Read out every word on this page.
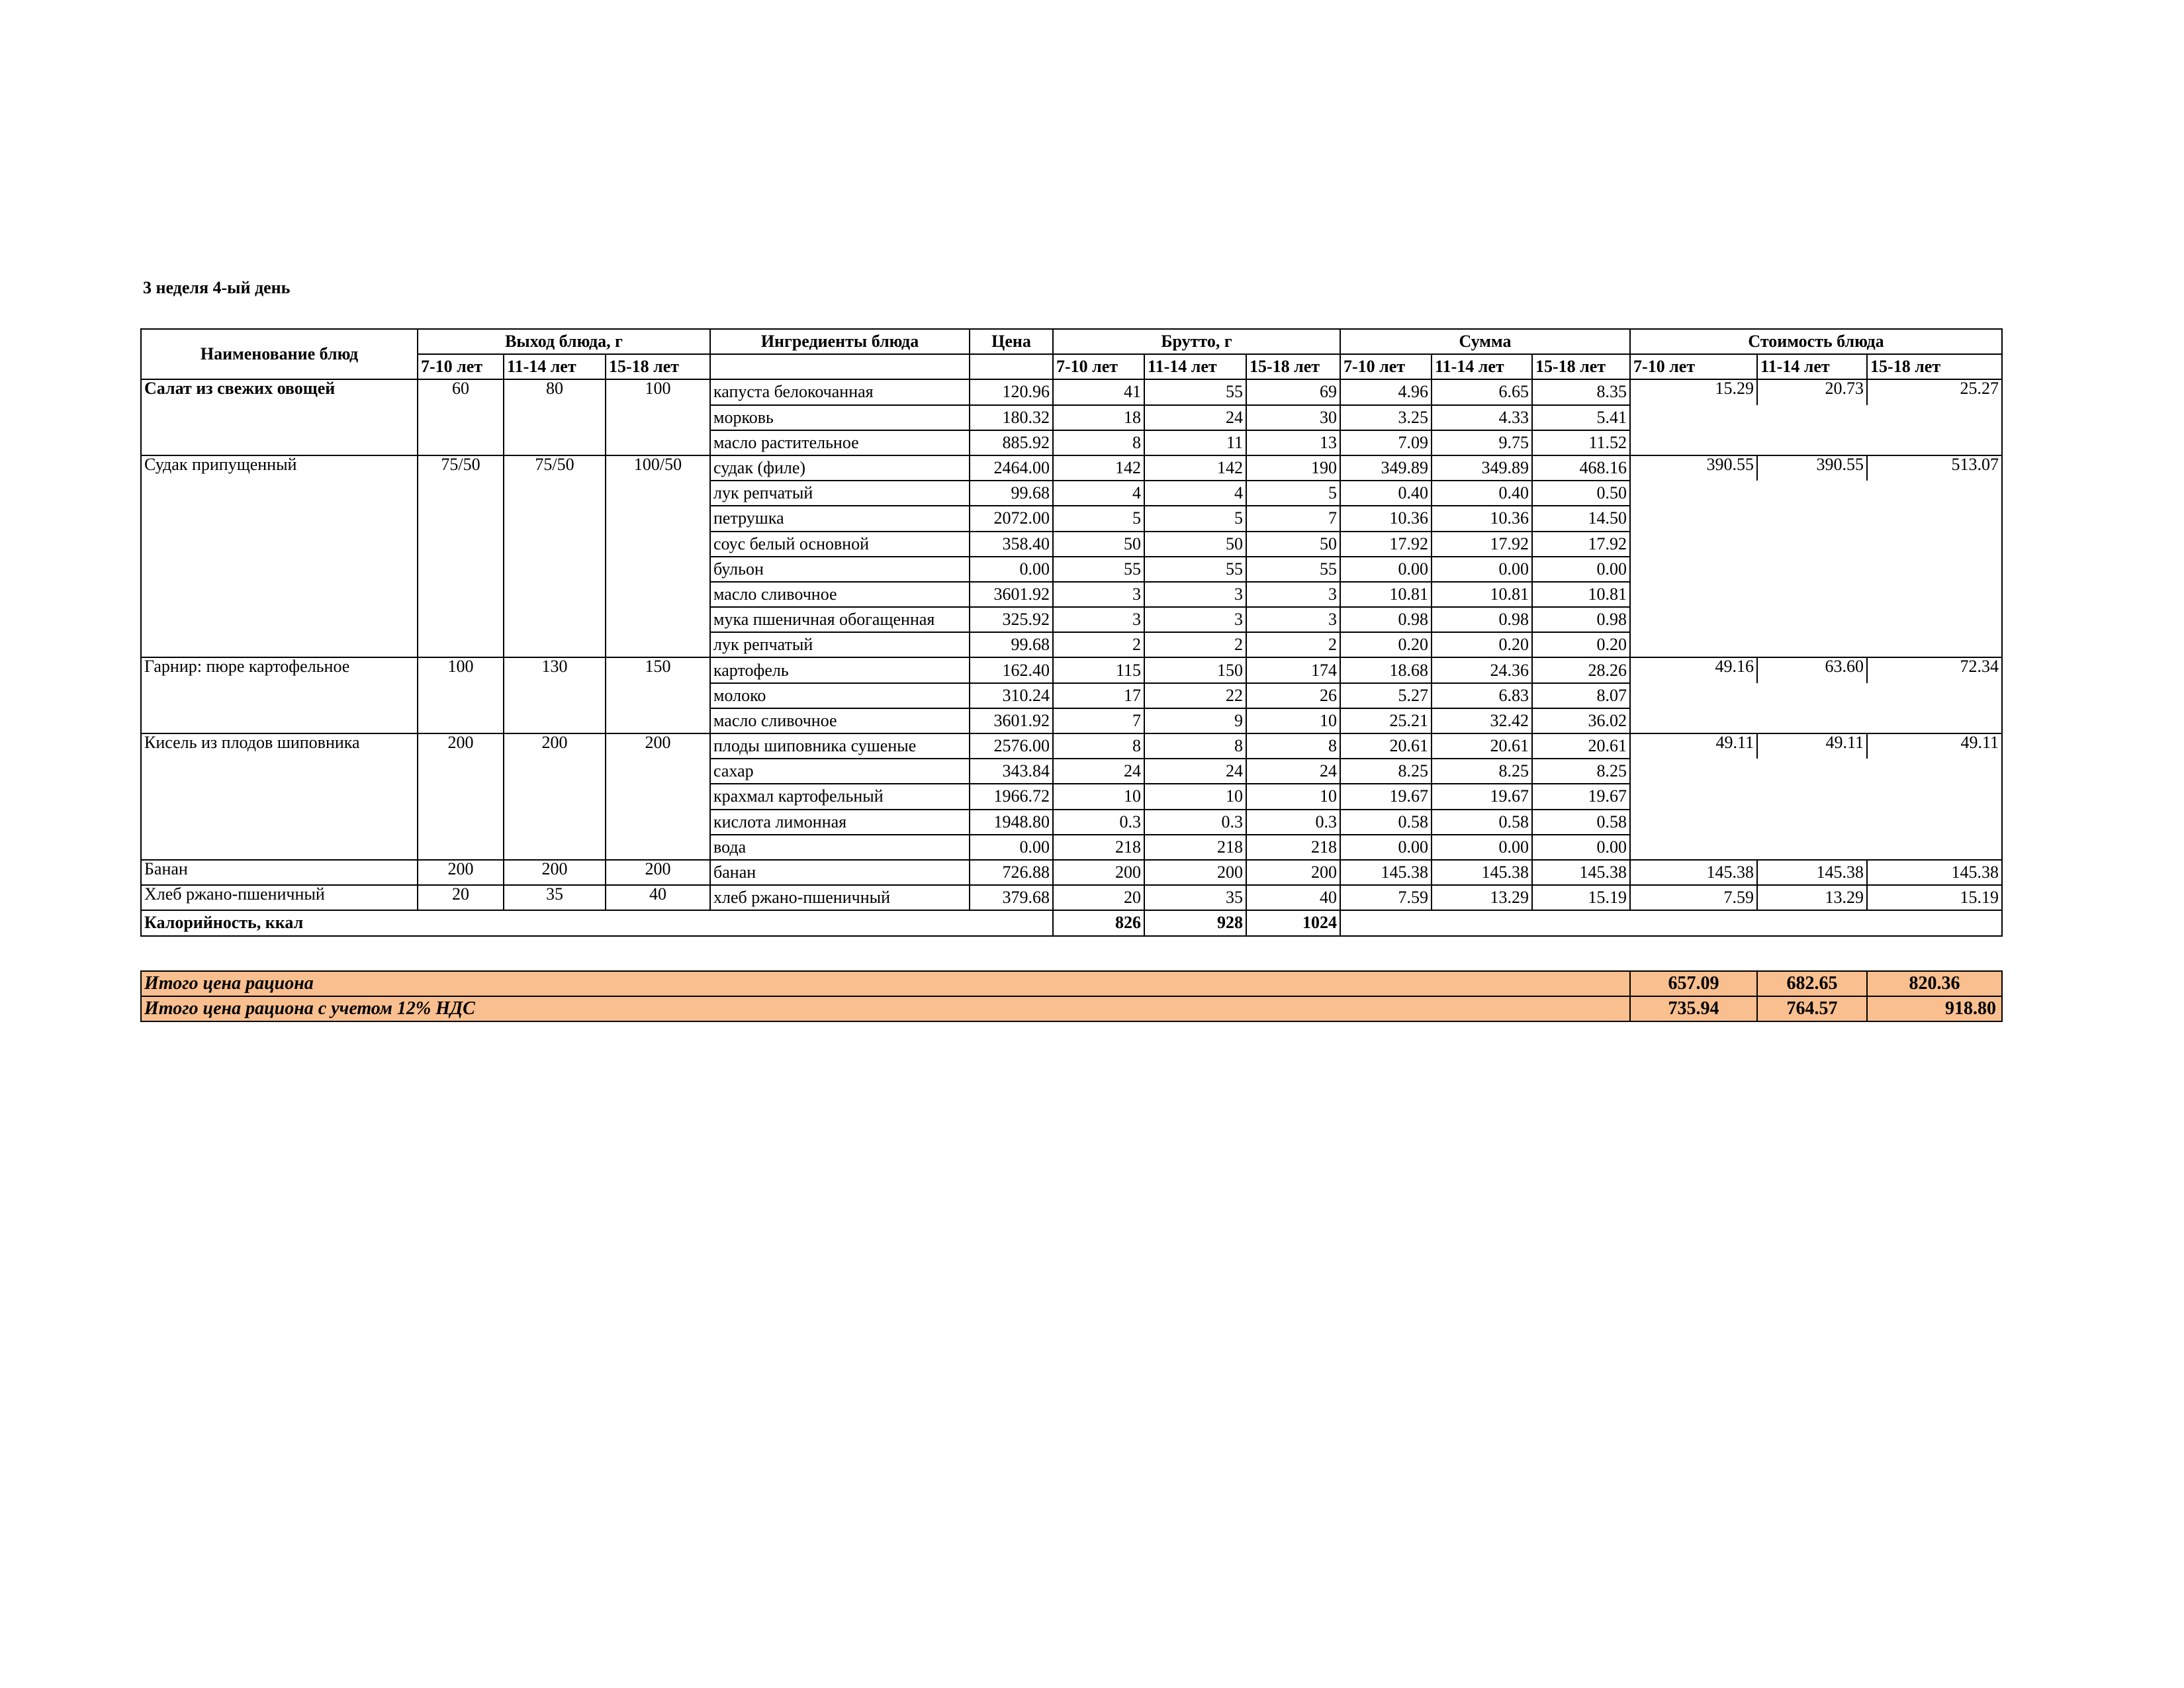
3 неделя 4-ый день
Наименование блюд	Выход блюда, г			Ингредиенты блюда	Цена	Брутто, г			Сумма			Стоимость блюда		
	7-10 лет	11-14 лет	15-18 лет			7-10 лет	11-14 лет	15-18 лет	7-10 лет	11-14 лет	15-18 лет	7-10 лет	11-14 лет	15-18 лет
Салат из свежих овощей	60	80	100	капуста белокочанная	120.96	41	55	69	4.96	6.65	8.35	15.29	20.73	25.27
				морковь	180.32	18	24	30	3.25	4.33	5.41			
				масло растительное	885.92	8	11	13	7.09	9.75	11.52			
Судак припущенный	75/50	75/50	100/50	судак (филе)	2464.00	142	142	190	349.89	349.89	468.16	390.55	390.55	513.07
				лук репчатый	99.68	4	4	5	0.40	0.40	0.50			
				петрушка	2072.00	5	5	7	10.36	10.36	14.50			
				соус белый основной	358.40	50	50	50	17.92	17.92	17.92			
				бульон	0.00	55	55	55	0.00	0.00	0.00			
				масло сливочное	3601.92	3	3	3	10.81	10.81	10.81			
				мука пшеничная обогащенная	325.92	3	3	3	0.98	0.98	0.98			
				лук репчатый	99.68	2	2	2	0.20	0.20	0.20			
Гарнир: пюре картофельное	100	130	150	картофель	162.40	115	150	174	18.68	24.36	28.26	49.16	63.60	72.34
				молоко	310.24	17	22	26	5.27	6.83	8.07			
				масло сливочное	3601.92	7	9	10	25.21	32.42	36.02			
Кисель из плодов шиповника	200	200	200	плоды шиповника сушеные	2576.00	8	8	8	20.61	20.61	20.61	49.11	49.11	49.11
				сахар	343.84	24	24	24	8.25	8.25	8.25			
				крахмал картофельный	1966.72	10	10	10	19.67	19.67	19.67			
				кислота лимонная	1948.80	0.3	0.3	0.3	0.58	0.58	0.58			
				вода	0.00	218	218	218	0.00	0.00	0.00			
Банан	200	200	200	банан	726.88	200	200	200	145.38	145.38	145.38	145.38	145.38	145.38
Хлеб ржано-пшеничный	20	35	40	хлеб ржано-пшеничный	379.68	20	35	40	7.59	13.29	15.19	7.59	13.29	15.19
Калорийность, ккал						826	928	1024						
Итого цена рациона	657.09	682.65	820.36
Итого цена рациона с учетом 12% НДС	735.94	764.57	918.80
